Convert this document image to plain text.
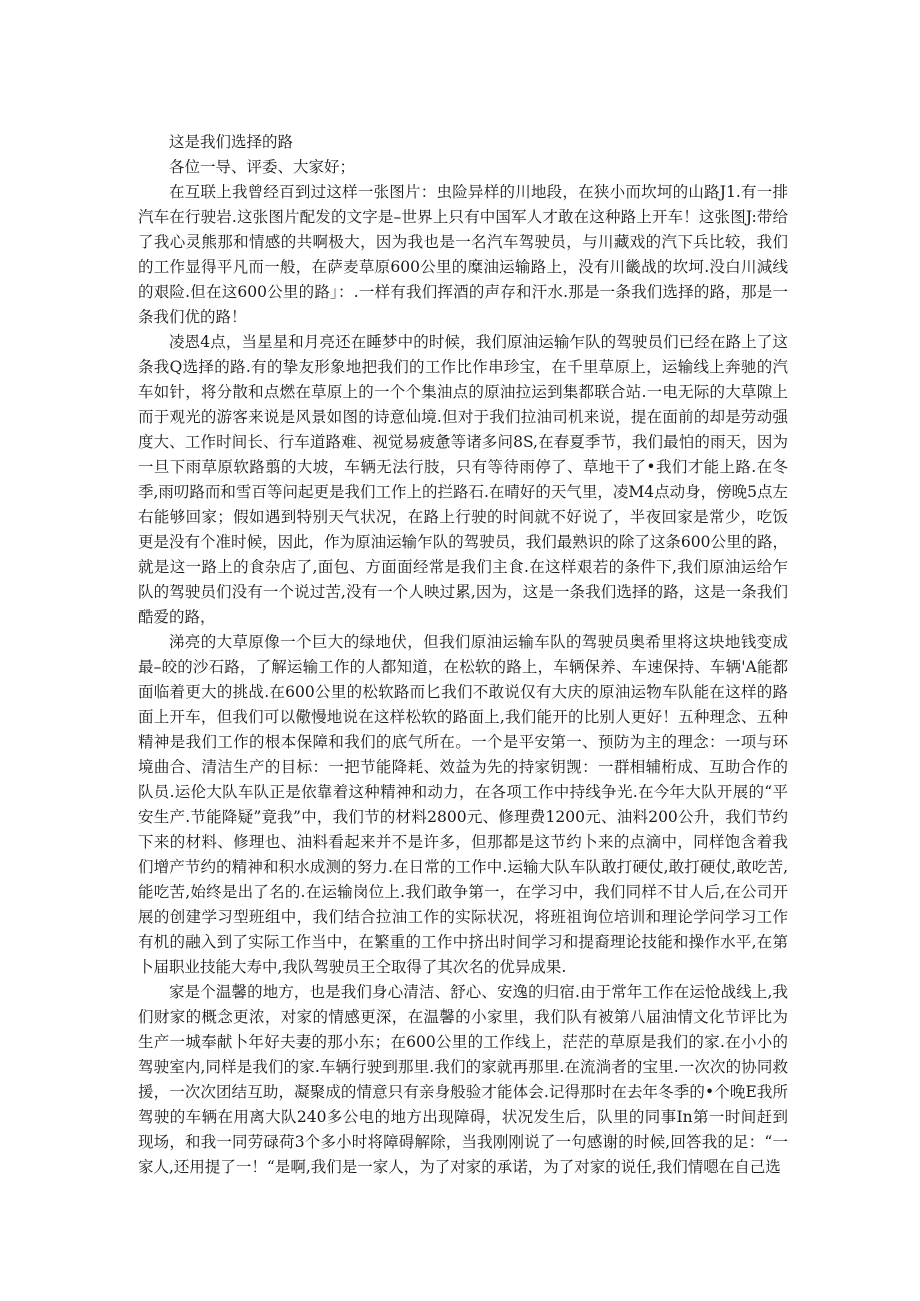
这是我们选择的路

各位一导、评委、大家好；

在互联上我曾经百到过这样一张图片：虫险异样的川地段，在狭小而坎坷的山路J1.有一排汽车在行驶岩.这张图片配发的文字是–世界上只有中国军人才敢在这种路上开车！这张图J:带给了我心灵熊那和情感的共啊极大，因为我也是一名汽车驾驶员，与川藏戏的汽下兵比较，我们的工作显得平凡而一般，在萨麦草原600公里的糜油运输路上，没有川畿战的坎坷.没白川減线的艰险.但在这600公里的路」：.一样有我们挥酒的声存和汗水.那是一条我们选择的路，那是一条我们优的路！

凌恩4点，当星星和月亮还在睡梦中的时候，我们原油运输乍队的驾驶员们已经在路上了这条我Q选择的路.有的挚友形象地把我们的工作比作串珍宝，在千里草原上，运输线上奔驰的汽车如针，将分散和点燃在草原上的一个个集油点的原油拉运到集都联合站.一电无际的大草隙上而于观光的游客来说是风景如图的诗意仙境.但对于我们拉油司机来说，提在面前的却是劳动强度大、工作时间长、行车道路难、视觉易疲惫等诸多问8S,在春夏季节，我们最怕的雨天，因为一旦下雨草原软路翦的大坡，车辆无法行肢，只有等待雨停了、草地干了•我们才能上路.在冬季,雨叨路而和雪百等问起更是我们工作上的拦路石.在晴好的天气里，凌M4点动身，傍晚5点左右能够回家；假如遇到特别天气状况，在路上行驶的时间就不好说了，半夜回家是常少，吃饭更是没有个准时候，因此，作为原油运输乍队的驾驶员，我们最熟识的除了这条600公里的路，就是这一路上的食杂店了,面包、方面面经常是我们主食.在这样艰若的条件下,我们原油运给乍队的驾驶员们没有一个说过苦,没有一个人映过累,因为，这是一条我们选择的路，这是一条我们酷爱的路，

涕亮的大草原像一个巨大的绿地伏，但我们原油运输车队的驾驶员奥希里将这块地钱变成最–皎的沙石路，了解运输工作的人都知道，在松软的路上，车辆保养、车速保持、车辆'A能都面临着更大的挑战.在600公里的松软路而匕我们不敢说仅有大庆的原油运物车队能在这样的路面上开车，但我们可以儆慢地说在这样松软的路面上,我们能开的比别人更好！五种理念、五种精神是我们工作的根本保障和我们的底气所在。一个是平安第一、预防为主的理念：一项与环境曲合、清洁生产的目标：一把节能降耗、效益为先的持家钥觊：一群相辅桁成、互助合作的队员.运伦大队车队正是依靠着这种精神和动力，在各项工作中持线争光.在今年大队开展的“平安生产.节能降疑”竟我”中，我们节的材料2800元、修理费1200元、油料200公升，我们节约下来的材料、修理也、油料看起来并不是许多，但那都是这节约卜来的点滴中，同样饱含着我们增产节约的精神和积水成测的努力.在日常的工作中.运输大队车队敢打硬仗,敢打硬仗,敢吃苦,能吃苦,始终是出了名的.在运输岗位上.我们敢争第一，在学习中，我们同样不甘人后,在公司开展的创建学习型班组中，我们结合拉油工作的实际状况，将班祖询位培训和理论学问学习工作有机的融入到了实际工作当中，在繁重的工作中挤出时间学习和提裔理论技能和操作水平,在第卜届职业技能大寿中,我队驾驶员王仝取得了其次名的优异成果.

家是个温馨的地方，也是我们身心清洁、舒心、安逸的归宿.由于常年工作在运怆战线上,我们财家的概念更浓，对家的情感更深，在温馨的小家里，我们队有被第八届油情文化节评比为生产一城奉献卜年好夫妻的那小东；在600公里的工作线上，茫茫的草原是我们的家.在小小的驾驶室内,同样是我们的家.车辆行驶到那里.我们的家就再那里.在流淌者的宝里.一次次的协同救援，一次次团结互助，凝聚成的情意只有亲身般验才能体会.记得那时在去年冬季的•个晚E我所驾驶的车辆在用离大队240多公电的地方出现障碍，状况发生后，队里的同事In第一时间赶到现场，和我一同劳碌荷3个多小时将障碍解除，当我刚刚说了一句感谢的时候,回答我的足：“一家人,还用提了一！“是啊,我们是一家人，为了对家的承诺，为了对家的说任,我们情嗯在自己选
